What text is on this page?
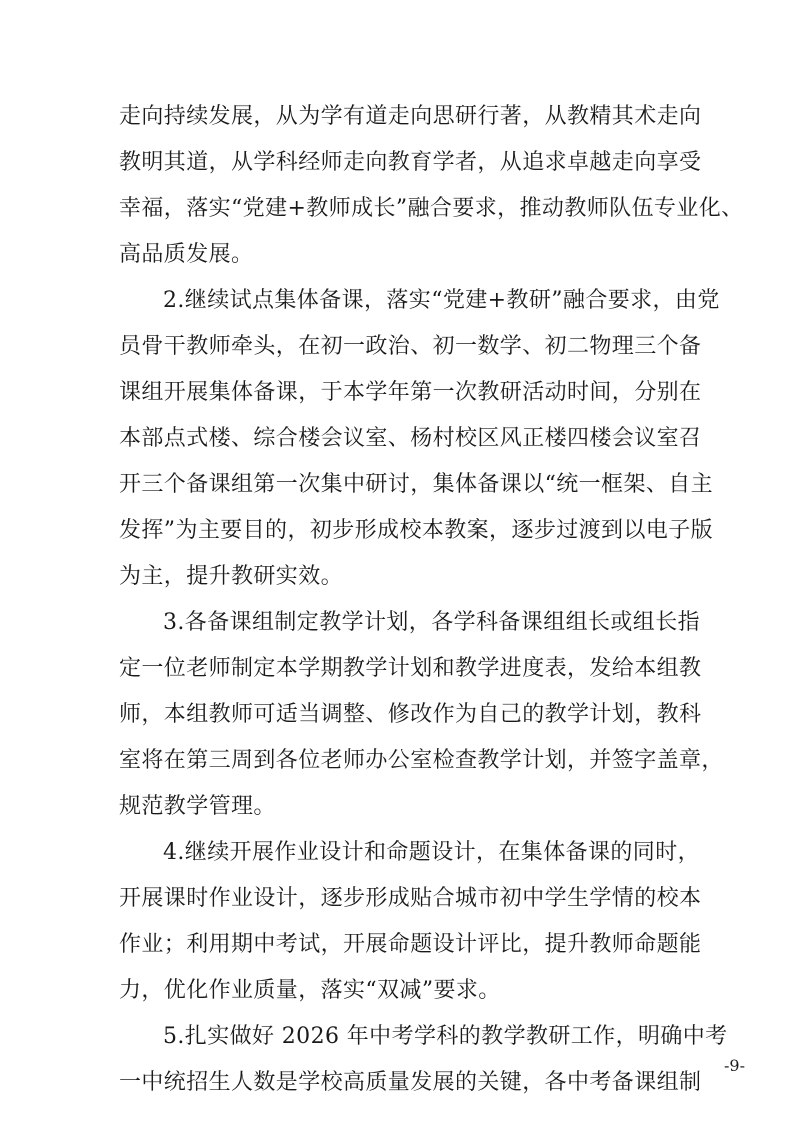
走向持续发展，从为学有道走向思研行著，从教精其术走向
教明其道，从学科经师走向教育学者，从追求卓越走向享受
幸福，落实“党建+教师成长”融合要求，推动教师队伍专业化、
高品质发展。
2.继续试点集体备课，落实“党建+教研”融合要求，由党
员骨干教师牵头，在初一政治、初一数学、初二物理三个备
课组开展集体备课，于本学年第一次教研活动时间，分别在
本部点式楼、综合楼会议室、杨村校区风正楼四楼会议室召
开三个备课组第一次集中研讨，集体备课以“统一框架、自主
发挥”为主要目的，初步形成校本教案，逐步过渡到以电子版
为主，提升教研实效。
3.各备课组制定教学计划，各学科备课组组长或组长指
定一位老师制定本学期教学计划和教学进度表，发给本组教
师，本组教师可适当调整、修改作为自己的教学计划，教科
室将在第三周到各位老师办公室检查教学计划，并签字盖章，
规范教学管理。
4.继续开展作业设计和命题设计，在集体备课的同时，
开展课时作业设计，逐步形成贴合城市初中学生学情的校本
作业；利用期中考试，开展命题设计评比，提升教师命题能
力，优化作业质量，落实“双减”要求。
5.扎实做好 2026 年中考学科的教学教研工作，明确中考
一中统招生人数是学校高质量发展的关键，各中考备课组制
-9-
